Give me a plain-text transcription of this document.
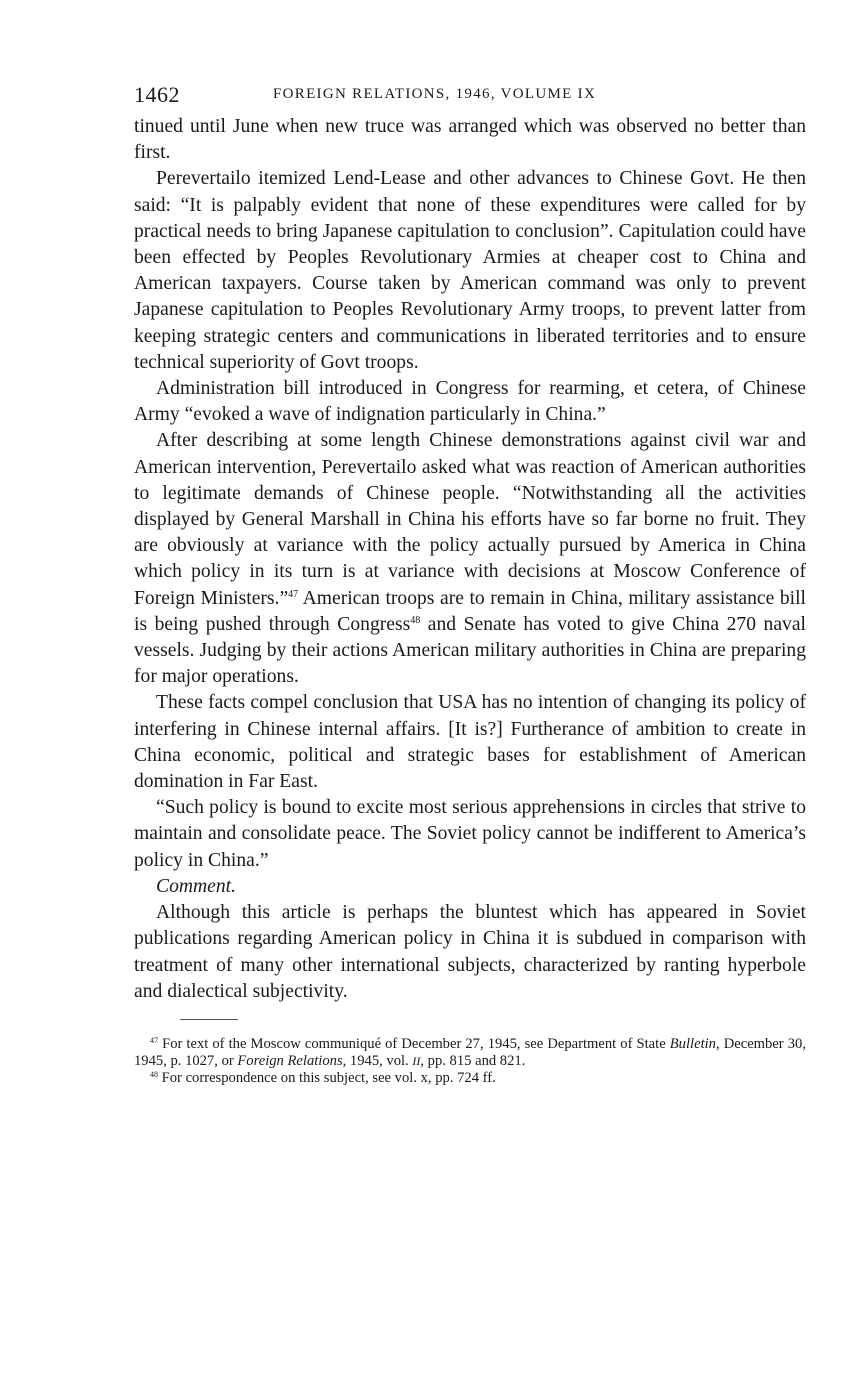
1462	FOREIGN RELATIONS, 1946, VOLUME IX

tinued until June when new truce was arranged which was observed no better than first.

Perevertailo itemized Lend-Lease and other advances to Chinese Govt. He then said: “It is palpably evident that none of these expenditures were called for by practical needs to bring Japanese capitulation to conclusion”. Capitulation could have been effected by Peoples Revolutionary Armies at cheaper cost to China and American taxpayers. Course taken by American command was only to prevent Japanese capitulation to Peoples Revolutionary Army troops, to prevent latter from keeping strategic centers and communications in liberated territories and to ensure technical superiority of Govt troops.

Administration bill introduced in Congress for rearming, et cetera, of Chinese Army “evoked a wave of indignation particularly in China.”

After describing at some length Chinese demonstrations against civil war and American intervention, Perevertailo asked what was reaction of American authorities to legitimate demands of Chinese people. “Notwithstanding all the activities displayed by General Marshall in China his efforts have so far borne no fruit. They are obviously at variance with the policy actually pursued by America in China which policy in its turn is at variance with decisions at Moscow Conference of Foreign Ministers.”$^{47}$ American troops are to remain in China, military assistance bill is being pushed through Congress$^{48}$ and Senate has voted to give China 270 naval vessels. Judging by their actions American military authorities in China are preparing for major operations.

These facts compel conclusion that USA has no intention of changing its policy of interfering in Chinese internal affairs. [It is?] Furtherance of ambition to create in China economic, political and strategic bases for establishment of American domination in Far East.

“Such policy is bound to excite most serious apprehensions in circles that strive to maintain and consolidate peace. The Soviet policy cannot be indifferent to America’s policy in China.”

Comment.

Although this article is perhaps the bluntest which has appeared in Soviet publications regarding American policy in China it is subdued in comparison with treatment of many other international subjects, characterized by ranting hyperbole and dialectical subjectivity.

$^{47}$ For text of the Moscow communiqué of December 27, 1945, see Department of State Bulletin, December 30, 1945, p. 1027, or Foreign Relations, 1945, vol. II, pp. 815 and 821.

$^{48}$ For correspondence on this subject, see vol. x, pp. 724 ff.
